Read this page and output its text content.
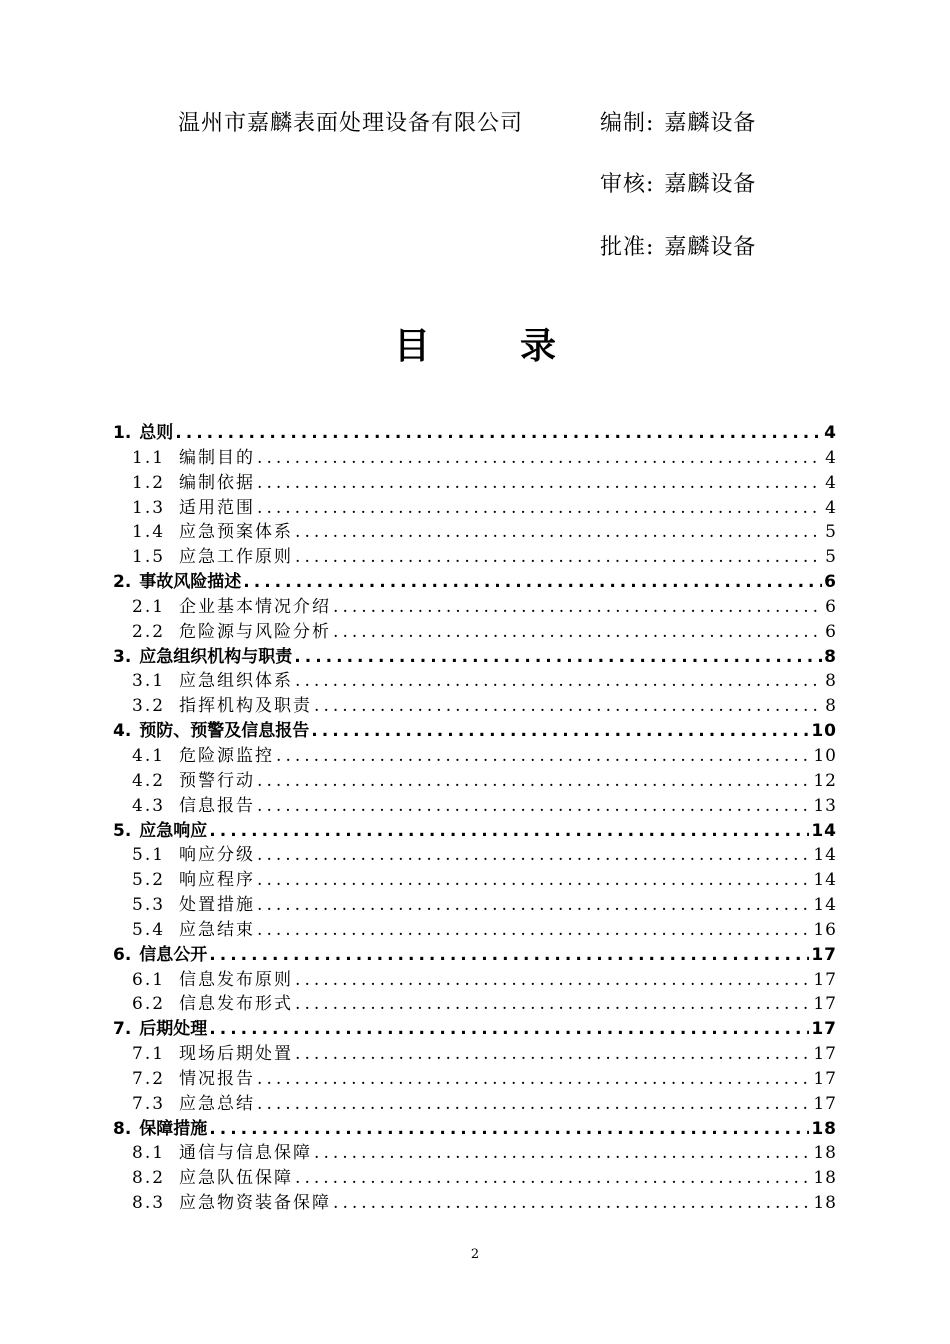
温州市嘉麟表面处理设备有限公司	编制: 嘉麟设备
审核: 嘉麟设备
批准: 嘉麟设备
目	录
1. 总则 .....	4
1.1 编制目的 .....	4
1.2 编制依据 .....	4
1.3 适用范围 .....	4
1.4 应急预案体系 .....	5
1.5 应急工作原则 .....	5
2. 事故风险描述 .....	6
2.1 企业基本情况介绍 .....	6
2.2 危险源与风险分析 .....	6
3. 应急组织机构与职责 .....	8
3.1 应急组织体系 .....	8
3.2 指挥机构及职责 .....	8
4. 预防、预警及信息报告 .....	10
4.1 危险源监控 .....	10
4.2 预警行动 .....	12
4.3 信息报告 .....	13
5. 应急响应 .....	14
5.1 响应分级 .....	14
5.2 响应程序 .....	14
5.3 处置措施 .....	14
5.4 应急结束 .....	16
6. 信息公开 .....	17
6.1 信息发布原则 .....	17
6.2 信息发布形式 .....	17
7. 后期处理 .....	17
7.1 现场后期处置 .....	17
7.2 情况报告 .....	17
7.3 应急总结 .....	17
8. 保障措施 .....	18
8.1 通信与信息保障 .....	18
8.2 应急队伍保障 .....	18
8.3 应急物资装备保障 .....	18
2
